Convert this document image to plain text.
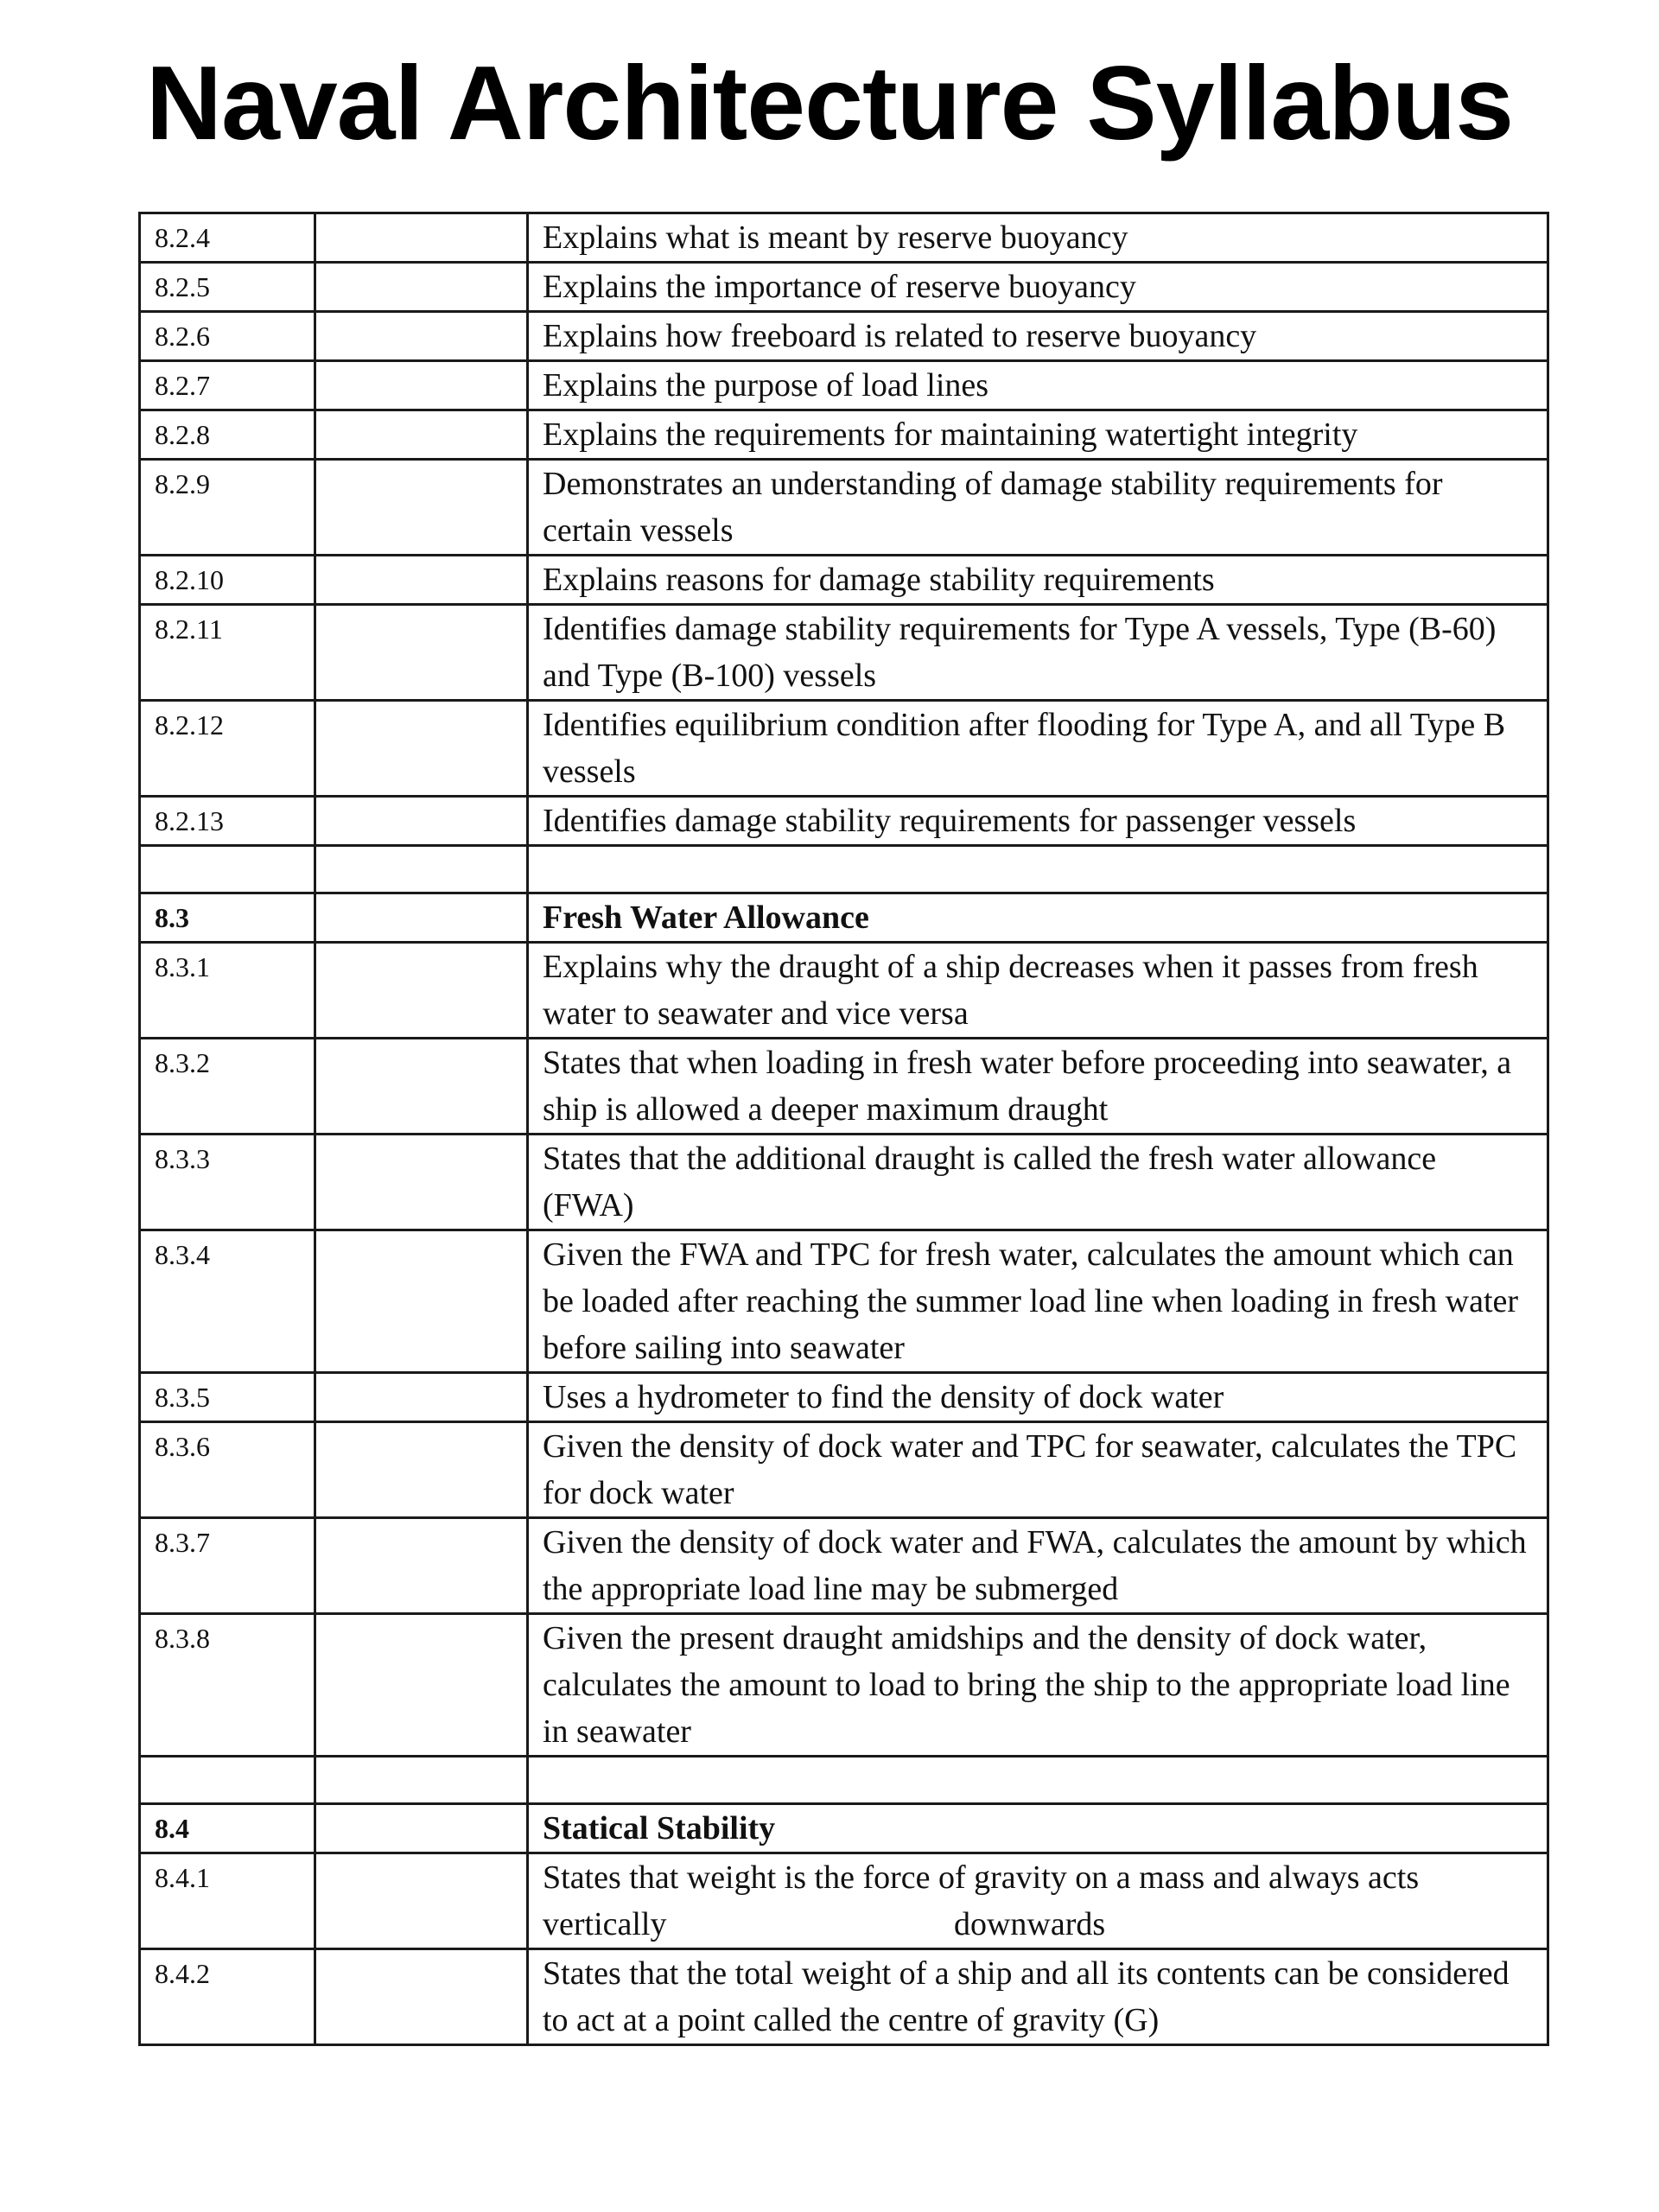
Naval Architecture Syllabus
8.2.4		Explains what is meant by reserve buoyancy
8.2.5		Explains the importance of reserve buoyancy
8.2.6		Explains how freeboard is related to reserve buoyancy
8.2.7		Explains the purpose of load lines
8.2.8		Explains the requirements for maintaining watertight integrity
8.2.9		Demonstrates an understanding of damage stability requirements for certain vessels
8.2.10		Explains reasons for damage stability requirements
8.2.11		Identifies damage stability requirements for Type A vessels, Type (B-60) and Type (B-100) vessels
8.2.12		Identifies equilibrium condition after flooding for Type A, and all Type B vessels
8.2.13		Identifies damage stability requirements for passenger vessels

8.3		Fresh Water Allowance
8.3.1		Explains why the draught of a ship decreases when it passes from fresh water to seawater and vice versa
8.3.2		States that when loading in fresh water before proceeding into seawater, a ship is allowed a deeper maximum draught
8.3.3		States that the additional draught is called the fresh water allowance (FWA)
8.3.4		Given the FWA and TPC for fresh water, calculates the amount which can be loaded after reaching the summer load line when loading in fresh water before sailing into seawater
8.3.5		Uses a hydrometer to find the density of dock water
8.3.6		Given the density of dock water and TPC for seawater, calculates the TPC for dock water
8.3.7		Given the density of dock water and FWA, calculates the amount by which the appropriate load line may be submerged
8.3.8		Given the present draught amidships and the density of dock water, calculates the amount to load to bring the ship to the appropriate load line in seawater

8.4		Statical Stability
8.4.1		States that weight is the force of gravity on a mass and always acts vertically                                   downwards
8.4.2		States that the total weight of a ship and all its contents can be considered to act at a point called the centre of gravity (G)
